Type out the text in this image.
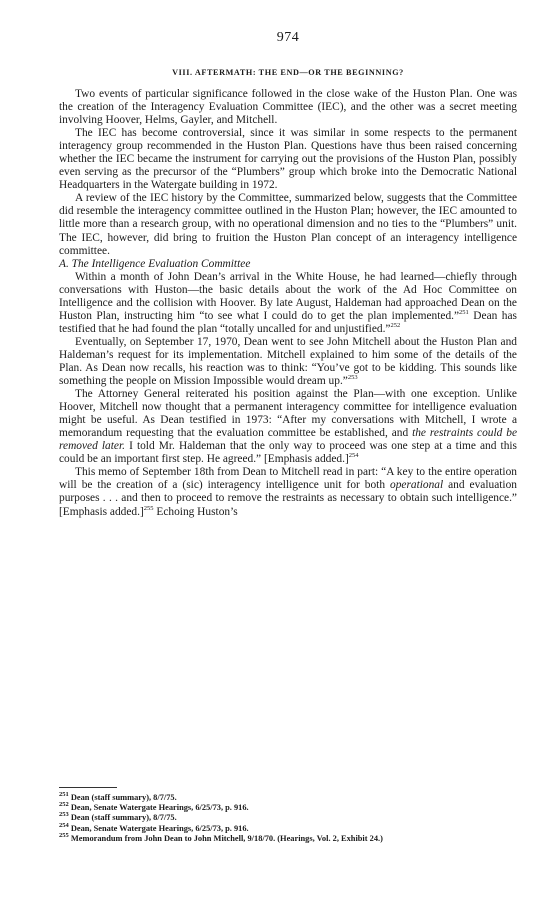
974
VIII. AFTERMATH: THE END—OR THE BEGINNING?

Two events of particular significance followed in the close wake of the Huston Plan. One was the creation of the Interagency Evaluation Committee (IEC), and the other was a secret meeting involving Hoover, Helms, Gayler, and Mitchell.

The IEC has become controversial, since it was similar in some respects to the permanent interagency group recommended in the Huston Plan. Questions have thus been raised concerning whether the IEC became the instrument for carrying out the provisions of the Huston Plan, possibly even serving as the precursor of the “Plumbers” group which broke into the Democratic National Headquarters in the Watergate building in 1972.

A review of the IEC history by the Committee, summarized below, suggests that the Committee did resemble the interagency committee outlined in the Huston Plan; however, the IEC amounted to little more than a research group, with no operational dimension and no ties to the “Plumbers” unit. The IEC, however, did bring to fruition the Huston Plan concept of an interagency intelligence committee.

A. The Intelligence Evaluation Committee

Within a month of John Dean’s arrival in the White House, he had learned—chiefly through conversations with Huston—the basic details about the work of the Ad Hoc Committee on Intelligence and the collision with Hoover. By late August, Haldeman had approached Dean on the Huston Plan, instructing him “to see what I could do to get the plan implemented.”$^{251}$ Dean has testified that he had found the plan “totally uncalled for and unjustified.”$^{252}$

Eventually, on September 17, 1970, Dean went to see John Mitchell about the Huston Plan and Haldeman’s request for its implementation. Mitchell explained to him some of the details of the Plan. As Dean now recalls, his reaction was to think: “You’ve got to be kidding. This sounds like something the people on Mission Impossible would dream up.”$^{253}$

The Attorney General reiterated his position against the Plan—with one exception. Unlike Hoover, Mitchell now thought that a permanent interagency committee for intelligence evaluation might be useful. As Dean testified in 1973: “After my conversations with Mitchell, I wrote a memorandum requesting that the evaluation committee be established, and the restraints could be removed later. I told Mr. Haldeman that the only way to proceed was one step at a time and this could be an important first step. He agreed.” [Emphasis added.]$^{254}$

This memo of September 18th from Dean to Mitchell read in part: “A key to the entire operation will be the creation of a (sic) interagency intelligence unit for both operational and evaluation purposes . . . and then to proceed to remove the restraints as necessary to obtain such intelligence.” [Emphasis added.]$^{255}$ Echoing Huston’s

$^{251}$ Dean (staff summary), 8/7/75.
$^{252}$ Dean, Senate Watergate Hearings, 6/25/73, p. 916.
$^{253}$ Dean (staff summary), 8/7/75.
$^{254}$ Dean, Senate Watergate Hearings, 6/25/73, p. 916.
$^{255}$ Memorandum from John Dean to John Mitchell, 9/18/70. (Hearings, Vol. 2, Exhibit 24.)
